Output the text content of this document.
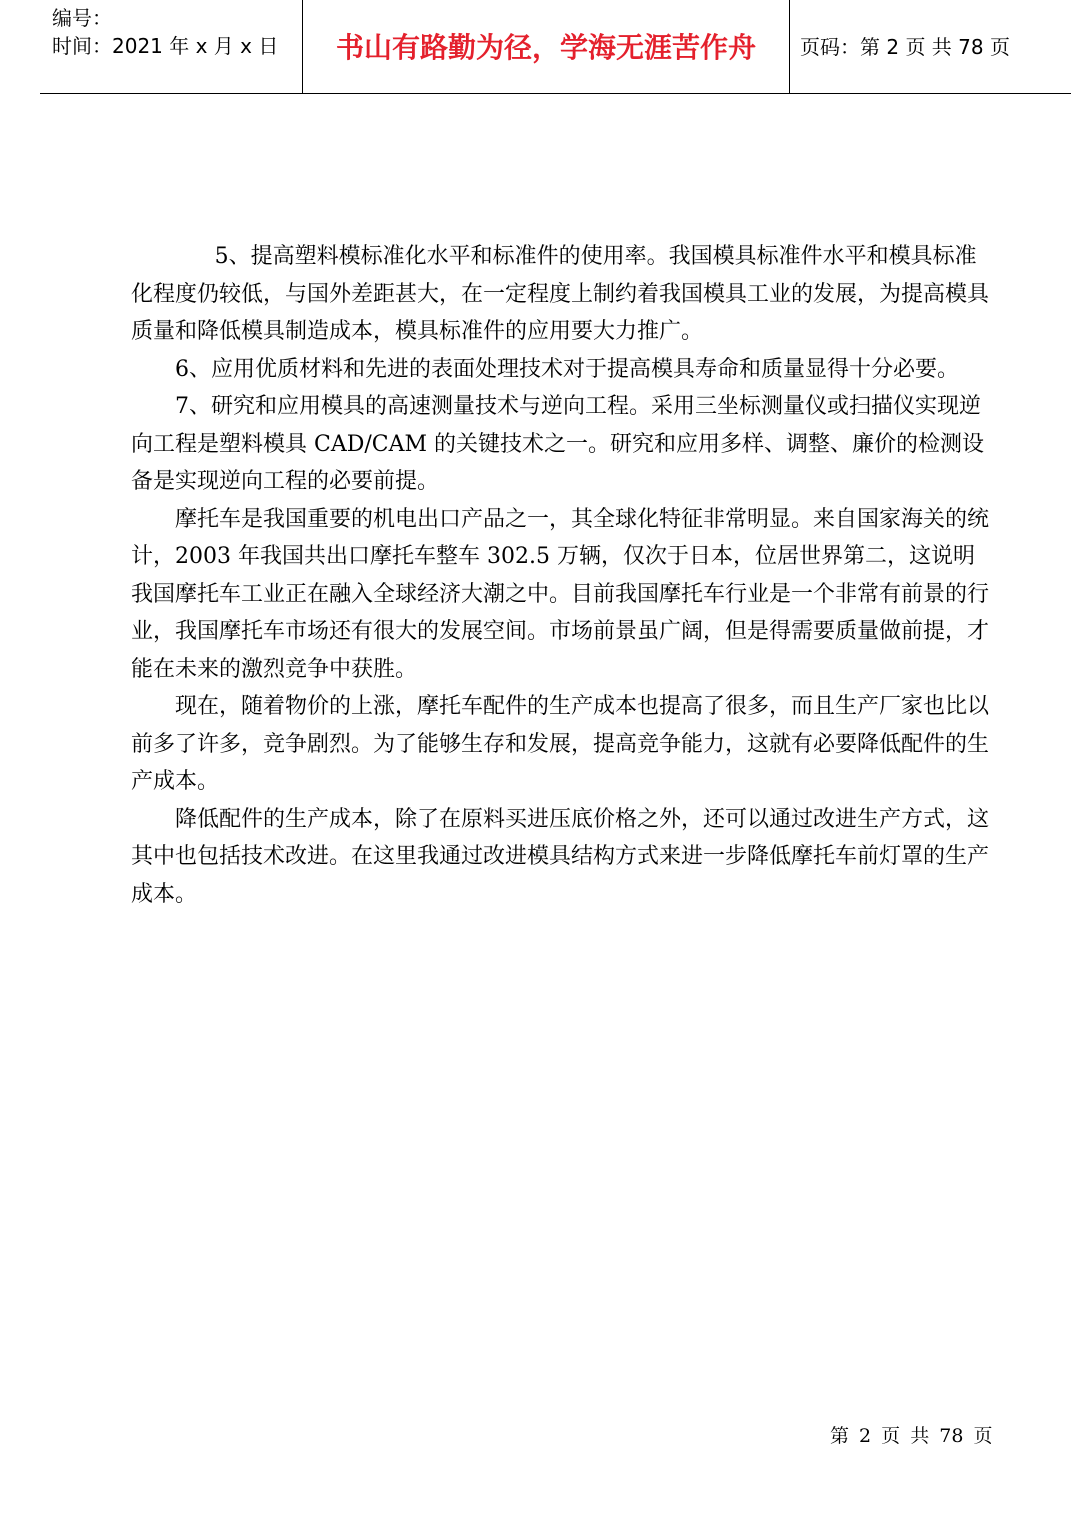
编号：
时间：2021 年 x 月 x 日	书山有路勤为径，学海无涯苦作舟	页码：第 2 页 共 78 页

5、提高塑料模标准化水平和标准件的使用率。我国模具标准件水平和模具标准化程度仍较低，与国外差距甚大，在一定程度上制约着我国模具工业的发展，为提高模具质量和降低模具制造成本，模具标准件的应用要大力推广。

6、应用优质材料和先进的表面处理技术对于提高模具寿命和质量显得十分必要。

7、研究和应用模具的高速测量技术与逆向工程。采用三坐标测量仪或扫描仪实现逆向工程是塑料模具 CAD/CAM 的关键技术之一。研究和应用多样、调整、廉价的检测设备是实现逆向工程的必要前提。

摩托车是我国重要的机电出口产品之一，其全球化特征非常明显。来自国家海关的统计，2003 年我国共出口摩托车整车 302.5 万辆，仅次于日本，位居世界第二，这说明我国摩托车工业正在融入全球经济大潮之中。目前我国摩托车行业是一个非常有前景的行业，我国摩托车市场还有很大的发展空间。市场前景虽广阔，但是得需要质量做前提，才能在未来的激烈竞争中获胜。

现在，随着物价的上涨，摩托车配件的生产成本也提高了很多，而且生产厂家也比以前多了许多，竞争剧烈。为了能够生存和发展，提高竞争能力，这就有必要降低配件的生产成本。

降低配件的生产成本，除了在原料买进压底价格之外，还可以通过改进生产方式，这其中也包括技术改进。在这里我通过改进模具结构方式来进一步降低摩托车前灯罩的生产成本。

第 2 页 共 78 页
